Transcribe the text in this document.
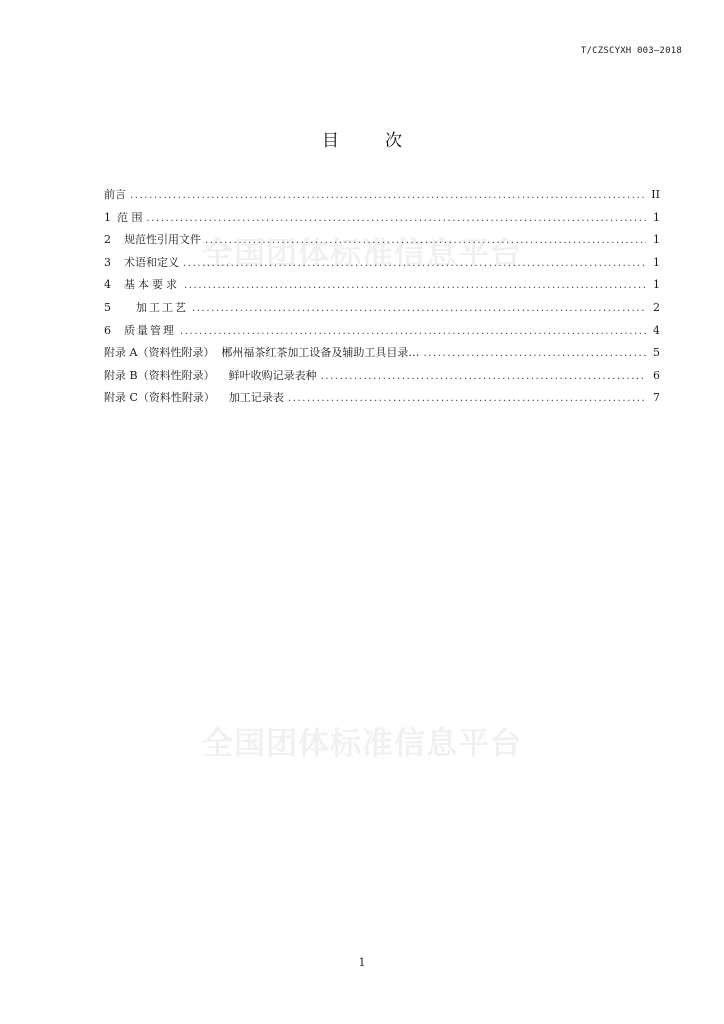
T/CZSCYXH 003—2018
目	次
全国团体标准信息平台
全国团体标准信息平台
前言 .....	II
1 范 围 .....	1
2	规范性引用文件 .....	1
3	术语和定义 .....	1
4	基本要求 .....	1
5	加工工艺 .....	2
6	质量管理 .....	4
附录 A（资料性附录）  郴州福茶红茶加工设备及辅助工具目录… .....	5
附录 B（资料性附录）    鲜叶收购记录表种 .....	6
附录 C（资料性附录）    加工记录表 .....	7
1
